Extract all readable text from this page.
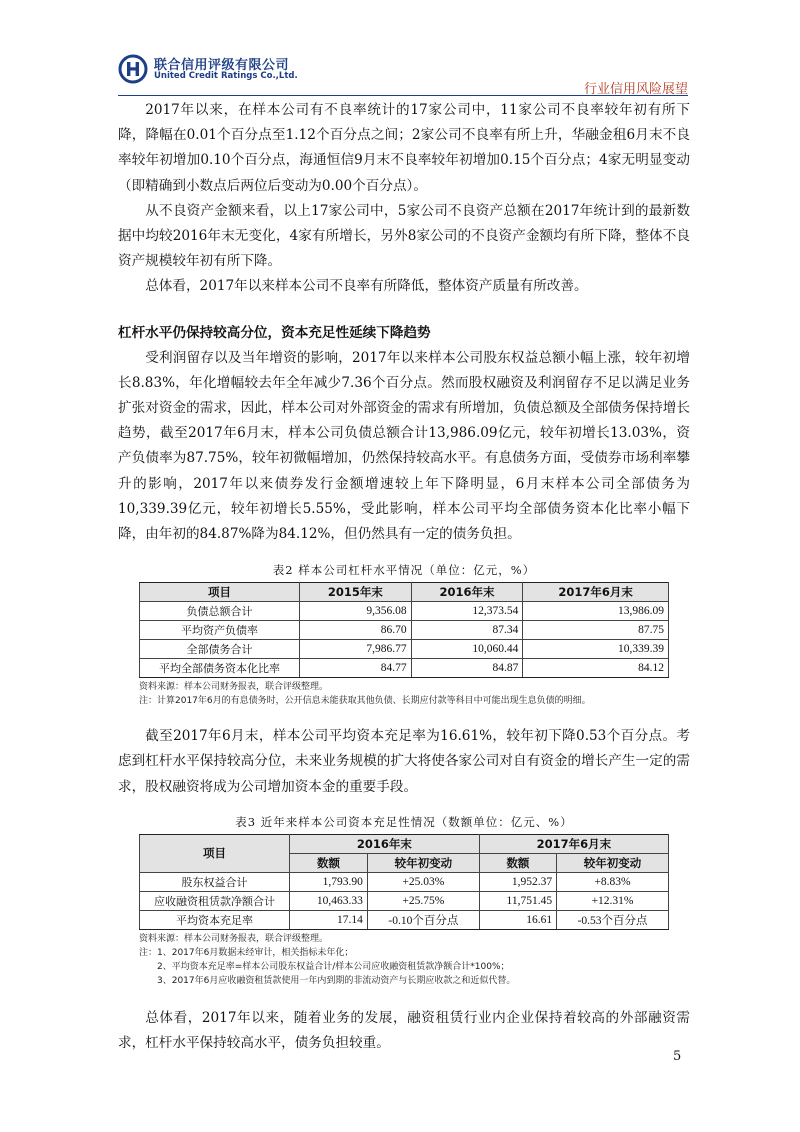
联合信用评级有限公司
United Credit Ratings Co.,Ltd.
行业信用风险展望

2017年以来，在样本公司有不良率统计的17家公司中，11家公司不良率较年初有所下降，降幅在0.01个百分点至1.12个百分点之间；2家公司不良率有所上升，华融金租6月末不良率较年初增加0.10个百分点，海通恒信9月末不良率较年初增加0.15个百分点；4家无明显变动（即精确到小数点后两位后变动为0.00个百分点）。

从不良资产金额来看，以上17家公司中，5家公司不良资产总额在2017年统计到的最新数据中均较2016年末无变化，4家有所增长，另外8家公司的不良资产金额均有所下降，整体不良资产规模较年初有所下降。

总体看，2017年以来样本公司不良率有所降低，整体资产质量有所改善。

杠杆水平仍保持较高分位，资本充足性延续下降趋势

受利润留存以及当年增资的影响，2017年以来样本公司股东权益总额小幅上涨，较年初增长8.83%，年化增幅较去年全年减少7.36个百分点。然而股权融资及利润留存不足以满足业务扩张对资金的需求，因此，样本公司对外部资金的需求有所增加，负债总额及全部债务保持增长趋势，截至2017年6月末，样本公司负债总额合计13,986.09亿元，较年初增长13.03%，资产负债率为87.75%，较年初微幅增加，仍然保持较高水平。有息债务方面，受债券市场利率攀升的影响，2017年以来债券发行金额增速较上年下降明显，6月末样本公司全部债务为10,339.39亿元，较年初增长5.55%，受此影响，样本公司平均全部债务资本化比率小幅下降，由年初的84.87%降为84.12%，但仍然具有一定的债务负担。

表2 样本公司杠杆水平情况（单位：亿元，%）
项目	2015年末	2016年末	2017年6月末
负债总额合计	9,356.08	12,373.54	13,986.09
平均资产负债率	86.70	87.34	87.75
全部债务合计	7,986.77	10,060.44	10,339.39
平均全部债务资本化比率	84.77	84.87	84.12
资料来源：样本公司财务报表，联合评级整理。
注：计算2017年6月的有息债务时，公开信息未能获取其他负债、长期应付款等科目中可能出现生息负债的明细。

截至2017年6月末，样本公司平均资本充足率为16.61%，较年初下降0.53个百分点。考虑到杠杆水平保持较高分位，未来业务规模的扩大将使各家公司对自有资金的增长产生一定的需求，股权融资将成为公司增加资本金的重要手段。

表3 近年来样本公司资本充足性情况（数额单位：亿元、%）
项目	2016年末		2017年6月末	
	数额	较年初变动	数额	较年初变动
股东权益合计	1,793.90	+25.03%	1,952.37	+8.83%
应收融资租赁款净额合计	10,463.33	+25.75%	11,751.45	+12.31%
平均资本充足率	17.14	-0.10个百分点	16.61	-0.53个百分点
资料来源：样本公司财务报表，联合评级整理。
注：1、2017年6月数据未经审计，相关指标未年化；
2、平均资本充足率=样本公司股东权益合计/样本公司应收融资租赁款净额合计*100%；
3、2017年6月应收融资租赁款使用一年内到期的非流动资产与长期应收款之和近似代替。

总体看，2017年以来，随着业务的发展，融资租赁行业内企业保持着较高的外部融资需求，杠杆水平保持较高水平，债务负担较重。

5
